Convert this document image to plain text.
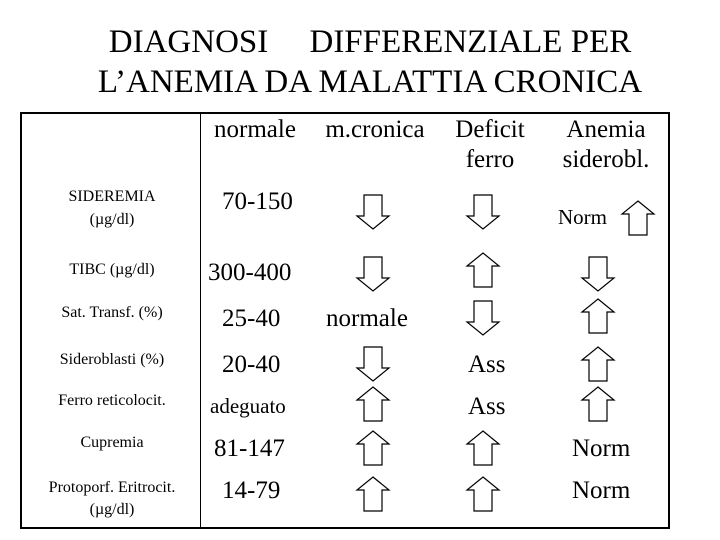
DIAGNOSI     DIFFERENZIALE PER
L’ANEMIA DA MALATTIA CRONICA
normale	m.cronica	Deficit
ferro
Anemia
siderobl.
SIDEREMIA
(µg/dl)
TIBC (µg/dl)
Sat. Transf. (%)
Sideroblasti (%)
Ferro reticolocit.
Cupremia
Protoporf. Eritrocit.
(µg/dl)
70-150
300-400
25-40
20-40
adeguato
81-147
14-79
normale
Ass
Ass
Norm
Norm
Norm
